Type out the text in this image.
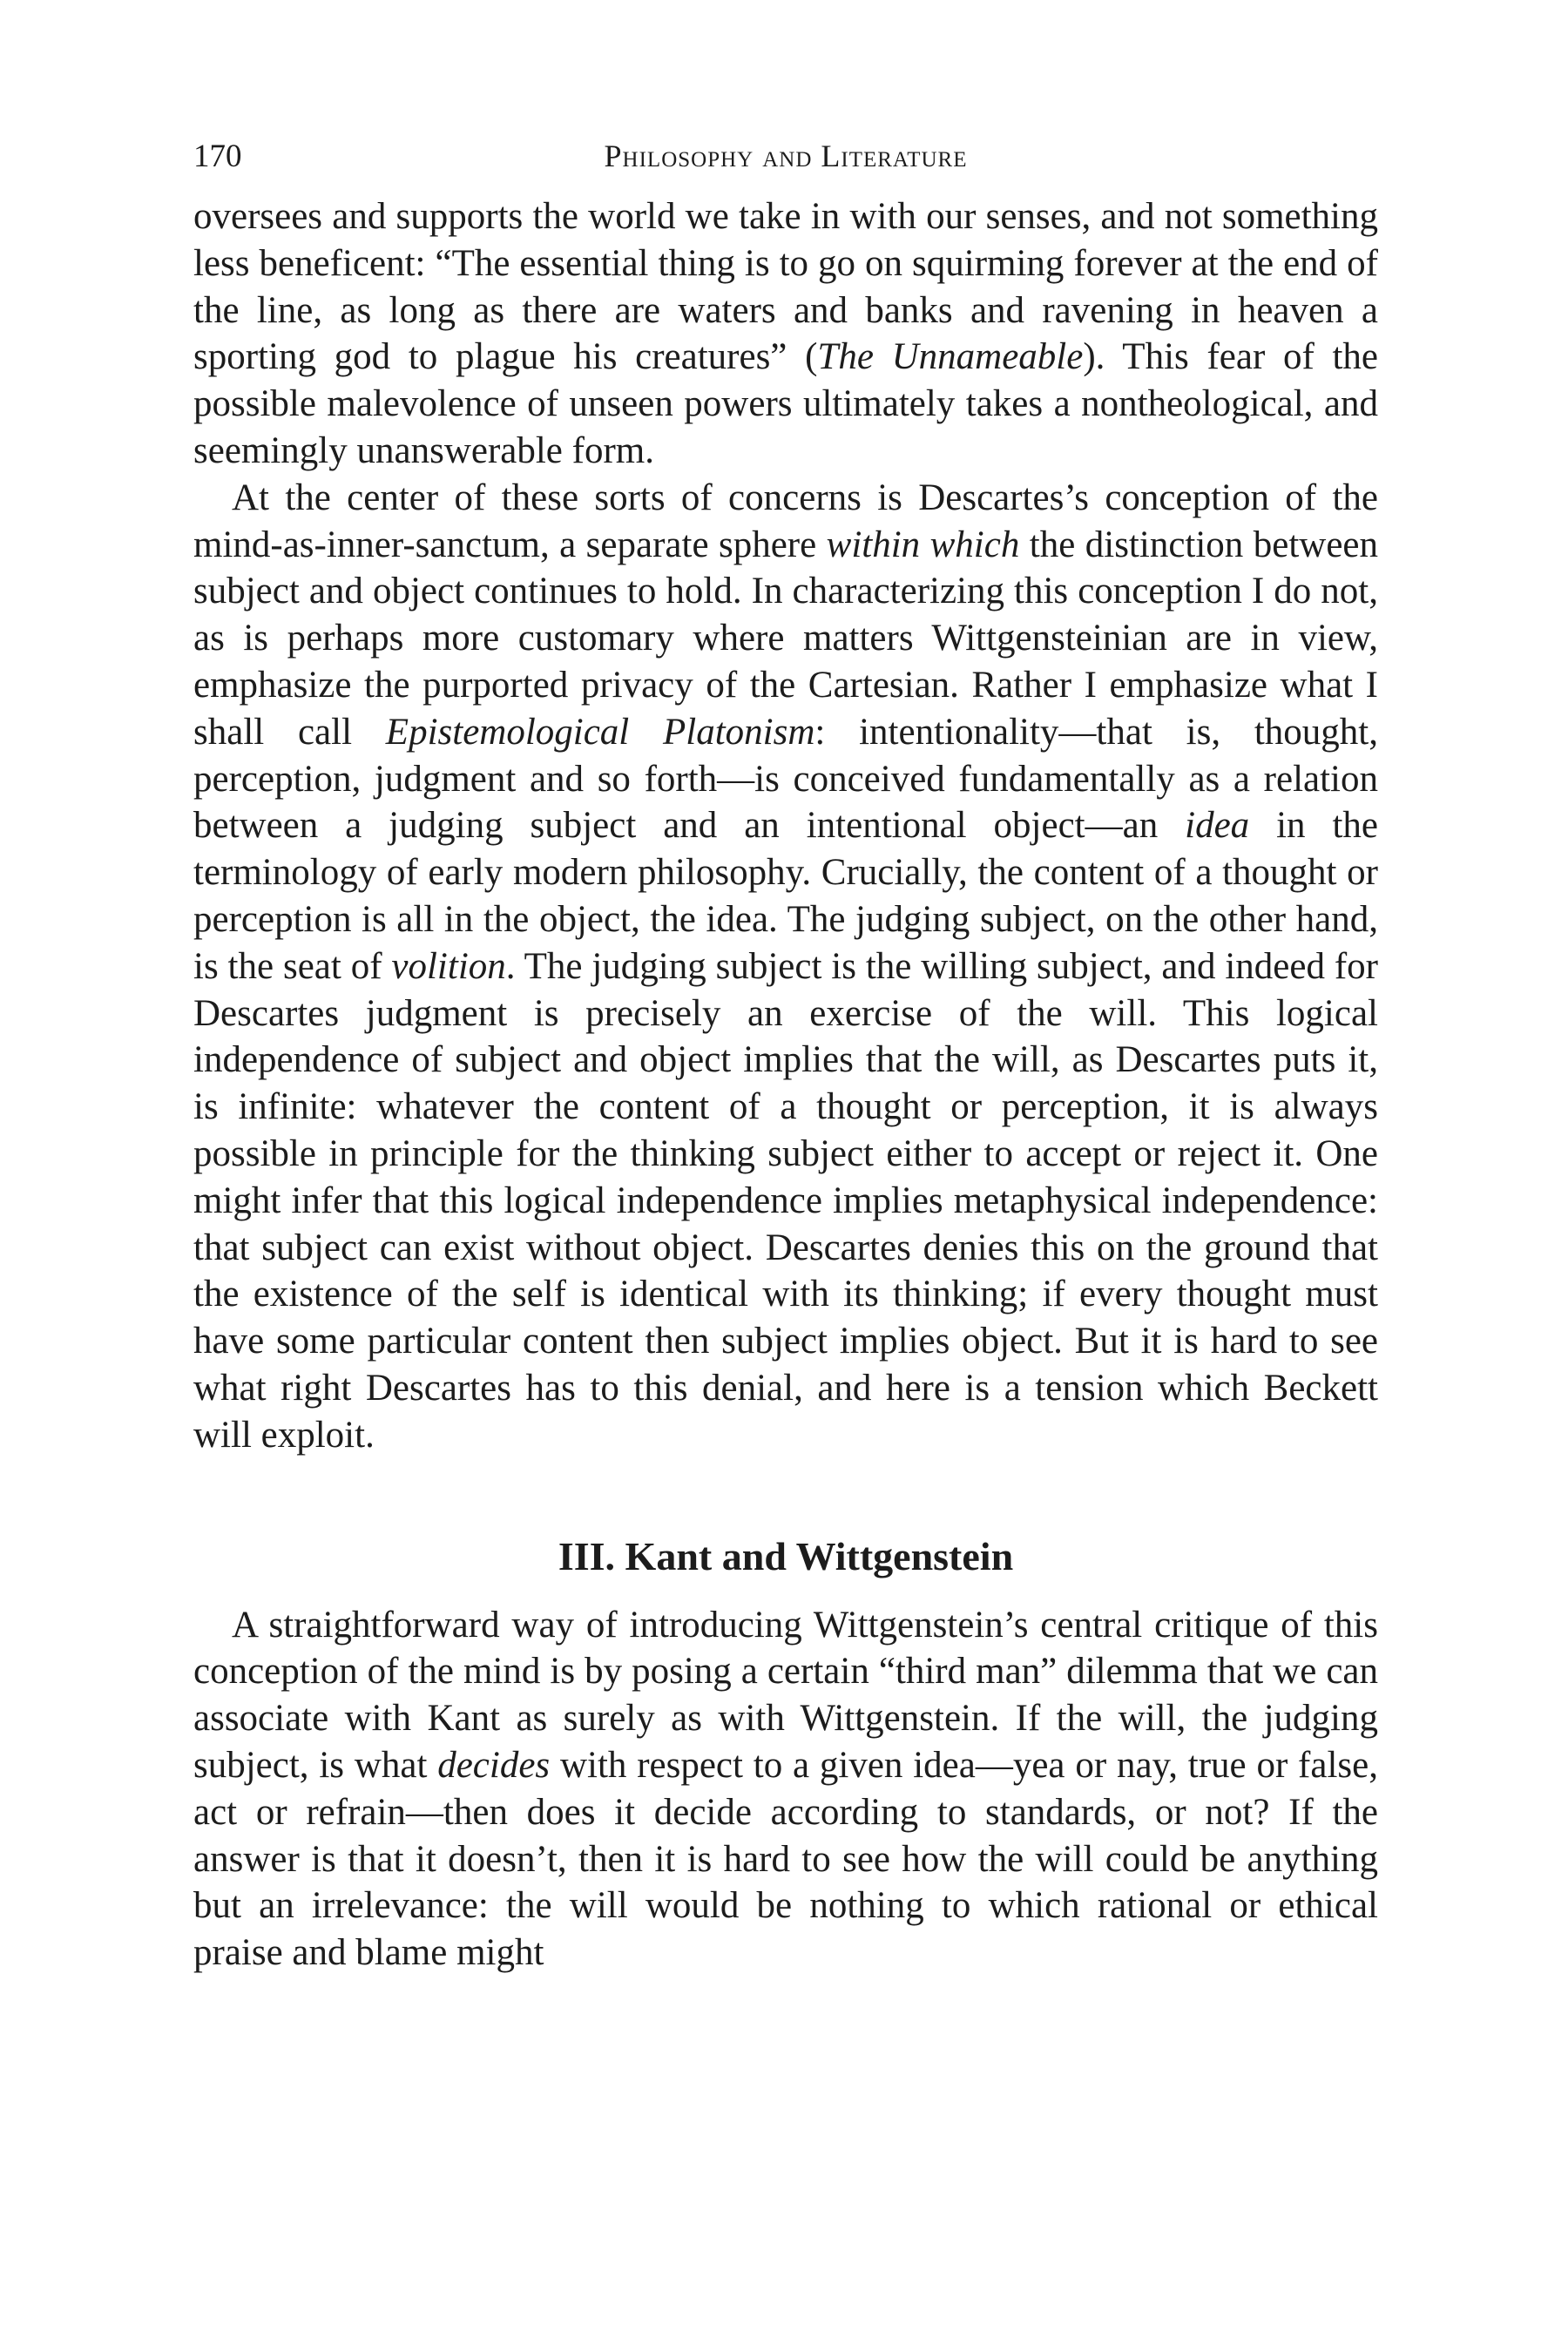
170	Philosophy and Literature

oversees and supports the world we take in with our senses, and not something less beneficent: “The essential thing is to go on squirming forever at the end of the line, as long as there are waters and banks and ravening in heaven a sporting god to plague his creatures” (The Unnameable). This fear of the possible malevolence of unseen powers ultimately takes a nontheological, and seemingly unanswerable form.

At the center of these sorts of concerns is Descartes’s conception of the mind-as-inner-sanctum, a separate sphere within which the distinction between subject and object continues to hold. In characterizing this conception I do not, as is perhaps more customary where matters Wittgensteinian are in view, emphasize the purported privacy of the Cartesian. Rather I emphasize what I shall call Epistemological Platonism: intentionality—that is, thought, perception, judgment and so forth—is conceived fundamentally as a relation between a judging subject and an intentional object—an idea in the terminology of early modern philosophy. Crucially, the content of a thought or perception is all in the object, the idea. The judging subject, on the other hand, is the seat of volition. The judging subject is the willing subject, and indeed for Descartes judgment is precisely an exercise of the will. This logical independence of subject and object implies that the will, as Descartes puts it, is infinite: whatever the content of a thought or perception, it is always possible in principle for the thinking subject either to accept or reject it. One might infer that this logical independence implies metaphysical independence: that subject can exist without object. Descartes denies this on the ground that the existence of the self is identical with its thinking; if every thought must have some particular content then subject implies object. But it is hard to see what right Descartes has to this denial, and here is a tension which Beckett will exploit.

III. Kant and Wittgenstein

A straightforward way of introducing Wittgenstein’s central critique of this conception of the mind is by posing a certain “third man” dilemma that we can associate with Kant as surely as with Wittgenstein. If the will, the judging subject, is what decides with respect to a given idea—yea or nay, true or false, act or refrain—then does it decide according to standards, or not? If the answer is that it doesn’t, then it is hard to see how the will could be anything but an irrelevance: the will would be nothing to which rational or ethical praise and blame might
